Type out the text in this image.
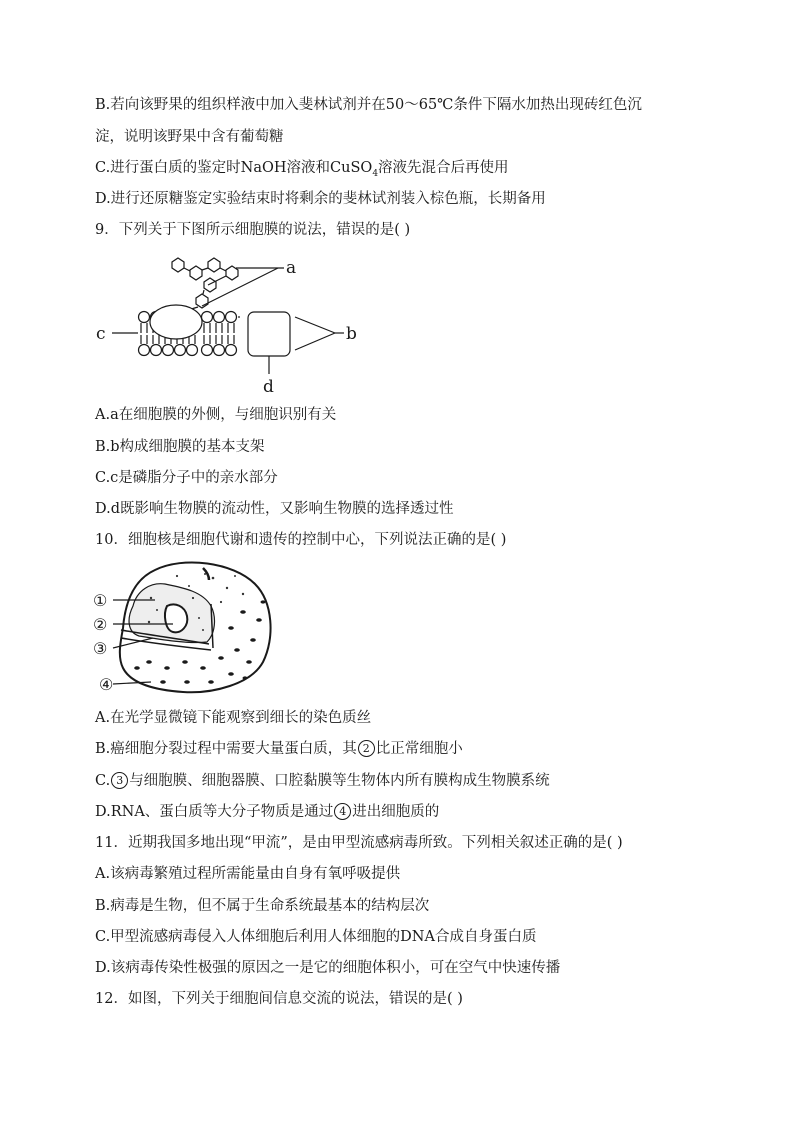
B.若向该野果的组织样液中加入斐林试剂并在50～65℃条件下隔水加热出现砖红色沉
淀，说明该野果中含有葡萄糖
C.进行蛋白质的鉴定时NaOH溶液和CuSO$_4$溶液先混合后再使用
D.进行还原糖鉴定实验结束时将剩余的斐林试剂装入棕色瓶，长期备用
9．下列关于下图所示细胞膜的说法，错误的是( )
a
b
c
d
A.a在细胞膜的外侧，与细胞识别有关
B.b构成细胞膜的基本支架
C.c是磷脂分子中的亲水部分
D.d既影响生物膜的流动性，又影响生物膜的选择透过性
10．细胞核是细胞代谢和遗传的控制中心，下列说法正确的是( )
①
②
③
④
A.在光学显微镜下能观察到细长的染色质丝
B.癌细胞分裂过程中需要大量蛋白质，其 2 比正常细胞小
C. 3 与细胞膜、细胞器膜、口腔黏膜等生物体内所有膜构成生物膜系统
D.RNA、蛋白质等大分子物质是通过 4 进出细胞质的
11．近期我国多地出现“甲流”，是由甲型流感病毒所致。下列相关叙述正确的是( )
A.该病毒繁殖过程所需能量由自身有氧呼吸提供
B.病毒是生物，但不属于生命系统最基本的结构层次
C.甲型流感病毒侵入人体细胞后利用人体细胞的DNA合成自身蛋白质
D.该病毒传染性极强的原因之一是它的细胞体积小，可在空气中快速传播
12．如图，下列关于细胞间信息交流的说法，错误的是( )
